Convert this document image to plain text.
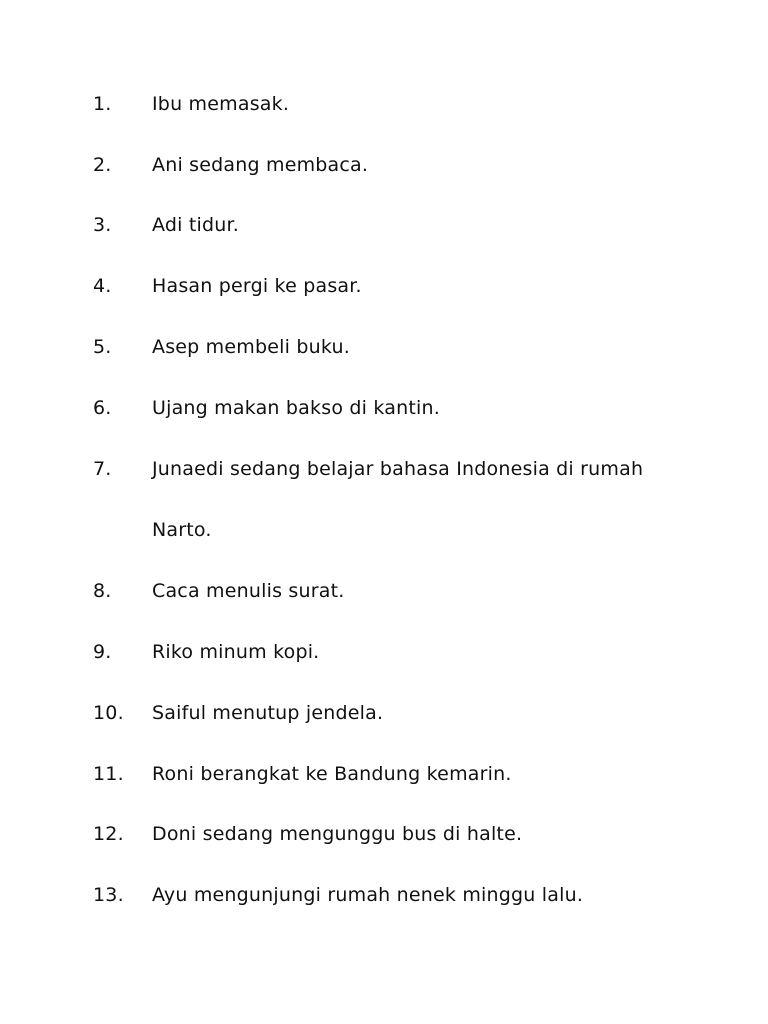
1. Ibu memasak.
2. Ani sedang membaca.
3. Adi tidur.
4. Hasan pergi ke pasar.
5. Asep membeli buku.
6. Ujang makan bakso di kantin.
7. Junaedi sedang belajar bahasa Indonesia di rumah
Narto.
8. Caca menulis surat.
9. Riko minum kopi.
10. Saiful menutup jendela.
11. Roni berangkat ke Bandung kemarin.
12. Doni sedang mengunggu bus di halte.
13. Ayu mengunjungi rumah nenek minggu lalu.
